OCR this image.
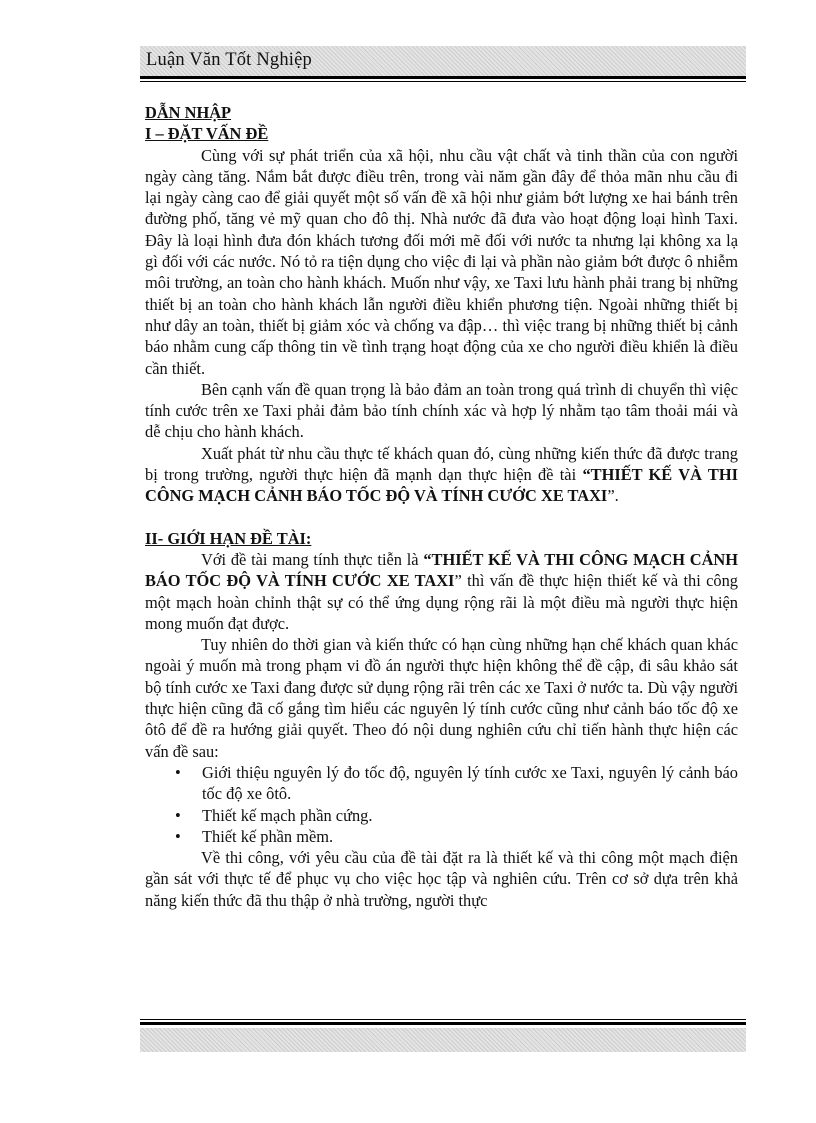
Luận Văn Tốt Nghiệp

DẪN NHẬP

I – ĐẶT VẤN ĐỀ

Cùng với sự phát triển của xã hội, nhu cầu vật chất và tinh thần của con người ngày càng tăng. Nắm bắt được điều trên, trong vài năm gần đây để thỏa mãn nhu cầu đi lại ngày càng cao để giải quyết một số vấn đề xã hội như giảm bớt lượng xe hai bánh trên đường phố, tăng vẻ mỹ quan cho đô thị. Nhà nước đã đưa vào hoạt động loại hình Taxi. Đây là loại hình đưa đón khách tương đối mới mẽ đối với nước ta nhưng lại không xa lạ gì đối với các nước. Nó tỏ ra tiện dụng cho việc đi lại và phần nào giảm bớt được ô nhiễm môi trường, an toàn cho hành khách. Muốn như vậy, xe Taxi lưu hành phải trang bị những thiết bị an toàn cho hành khách lẫn người điều khiển phương tiện. Ngoài những thiết bị như dây an toàn, thiết bị giảm xóc và chống va đập… thì việc trang bị những thiết bị cảnh báo nhằm cung cấp thông tin về tình trạng hoạt động của xe cho người điều khiển là điều cần thiết.

Bên cạnh vấn đề quan trọng là bảo đảm an toàn trong quá trình di chuyển thì việc tính cước trên xe Taxi phải đảm bảo tính chính xác và hợp lý nhằm tạo tâm thoải mái và dễ chịu cho hành khách.

Xuất phát từ nhu cầu thực tế khách quan đó, cùng những kiến thức đã được trang bị trong trường, người thực hiện đã mạnh dạn thực hiện đề tài “THIẾT KẾ VÀ THI CÔNG MẠCH CẢNH BÁO TỐC ĐỘ VÀ TÍNH CƯỚC XE TAXI”.

II- GIỚI HẠN ĐỀ TÀI:

Với đề tài mang tính thực tiễn là “THIẾT KẾ VÀ THI CÔNG MẠCH CẢNH BÁO TỐC ĐỘ VÀ TÍNH CƯỚC XE TAXI” thì vấn đề thực hiện thiết kế và thi công một mạch hoàn chỉnh thật sự có thể ứng dụng rộng rãi là một điều mà người thực hiện mong muốn đạt được.

Tuy nhiên do thời gian và kiến thức có hạn cùng những hạn chế khách quan khác ngoài ý muốn mà trong phạm vi đồ án người thực hiện không thể đề cập, đi sâu khảo sát bộ tính cước xe Taxi đang được sử dụng rộng rãi trên các xe Taxi ở nước ta. Dù vậy người thực hiện cũng đã cố gắng tìm hiểu các nguyên lý tính cước cũng như cảnh báo tốc độ xe ôtô để đề ra hướng giải quyết. Theo đó nội dung nghiên cứu chỉ tiến hành thực hiện các vấn đề sau:

• Giới thiệu nguyên lý đo tốc độ, nguyên lý tính cước xe Taxi, nguyên lý cảnh báo tốc độ xe ôtô.
• Thiết kế mạch phần cứng.
• Thiết kế phần mềm.

Về thi công, với yêu cầu của đề tài đặt ra là thiết kế và thi công một mạch điện gần sát với thực tế để phục vụ cho việc học tập và nghiên cứu. Trên cơ sở dựa trên khả năng kiến thức đã thu thập ở nhà trường, người thực
